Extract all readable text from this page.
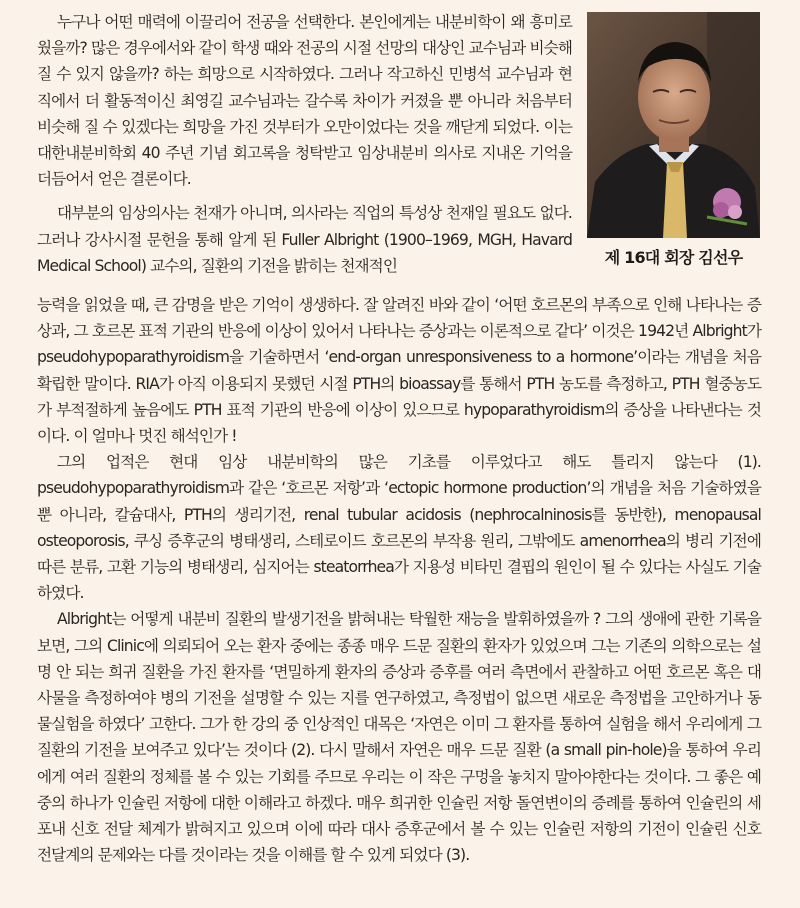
누구나 어떤 매력에 이끌리어 전공을 선택한다. 본인에게는 내분비학이 왜 흥미로웠을까? 많은 경우에서와 같이 학생 때와 전공의 시절 선망의 대상인 교수님과 비슷해 질 수 있지 않을까? 하는 희망으로 시작하였다. 그러나 작고하신 민병석 교수님과 현직에서 더 활동적이신 최영길 교수님과는 갈수록 차이가 커졌을 뿐 아니라 처음부터 비슷해 질 수 있겠다는 희망을 가진 것부터가 오만이었다는 것을 깨닫게 되었다. 이는 대한내분비학회 40 주년 기념 회고록을 청탁받고 임상내분비 의사로 지내온 기억을 더듬어서 얻은 결론이다.

대부분의 임상의사는 천재가 아니며, 의사라는 직업의 특성상 천재일 필요도 없다. 그러나 강사시절 문헌을 통해 알게 된 Fuller Albright (1900–1969, MGH, Havard Medical School) 교수의, 질환의 기전을 밝히는 천재적인	제 16대 회장 김선우

능력을 읽었을 때, 큰 감명을 받은 기억이 생생하다. 잘 알려진 바와 같이 ‘어떤 호르몬의 부족으로 인해 나타나는 증상과, 그 호르몬 표적 기관의 반응에 이상이 있어서 나타나는 증상과는 이론적으로 같다’ 이것은 1942년 Albright가 pseudohypoparathyroidism을 기술하면서 ‘end-organ unresponsiveness to a hormone’이라는 개념을 처음 확립한 말이다. RIA가 아직 이용되지 못했던 시절 PTH의 bioassay를 통해서 PTH 농도를 측정하고, PTH 혈중농도가 부적절하게 높음에도 PTH 표적 기관의 반응에 이상이 있으므로 hypoparathyroidism의 증상을 나타낸다는 것이다. 이 얼마나 멋진 해석인가 !

그의 업적은 현대 임상 내분비학의 많은 기초를 이루었다고 해도 틀리지 않는다 (1). pseudohypoparathyroidism과 같은 ‘호르몬 저항’과 ‘ectopic hormone production’의 개념을 처음 기술하였을 뿐 아니라, 칼슘대사, PTH의 생리기전, renal tubular acidosis (nephrocalninosis를 동반한), menopausal osteoporosis, 쿠싱 증후군의 병태생리, 스테로이드 호르몬의 부작용 원리, 그밖에도 amenorrhea의 병리 기전에 따른 분류, 고환 기능의 병태생리, 심지어는 steatorrhea가 지용성 비타민 결핍의 원인이 될 수 있다는 사실도 기술하였다.

Albright는 어떻게 내분비 질환의 발생기전을 밝혀내는 탁월한 재능을 발휘하였을까 ? 그의 생애에 관한 기록을 보면, 그의 Clinic에 의뢰되어 오는 환자 중에는 종종 매우 드문 질환의 환자가 있었으며 그는 기존의 의학으로는 설명 안 되는 희귀 질환을 가진 환자를 ‘면밀하게 환자의 증상과 증후를 여러 측면에서 관찰하고 어떤 호르몬 혹은 대사물을 측정하여야 병의 기전을 설명할 수 있는 지를 연구하였고, 측정법이 없으면 새로운 측정법을 고안하거나 동물실험을 하였다’ 고한다. 그가 한 강의 중 인상적인 대목은 ‘자연은 이미 그 환자를 통하여 실험을 해서 우리에게 그 질환의 기전을 보여주고 있다’는 것이다 (2). 다시 말해서 자연은 매우 드문 질환 (a small pin-hole)을 통하여 우리에게 여러 질환의 정체를 볼 수 있는 기회를 주므로 우리는 이 작은 구멍을 놓치지 말아야한다는 것이다. 그 좋은 예 중의 하나가 인슐린 저항에 대한 이해라고 하겠다. 매우 희귀한 인슐린 저항 돌연변이의 증례를 통하여 인슐린의 세포내 신호 전달 체계가 밝혀지고 있으며 이에 따라 대사 증후군에서 볼 수 있는 인슐린 저항의 기전이 인슐린 신호 전달계의 문제와는 다를 것이라는 것을 이해를 할 수 있게 되었다 (3).
